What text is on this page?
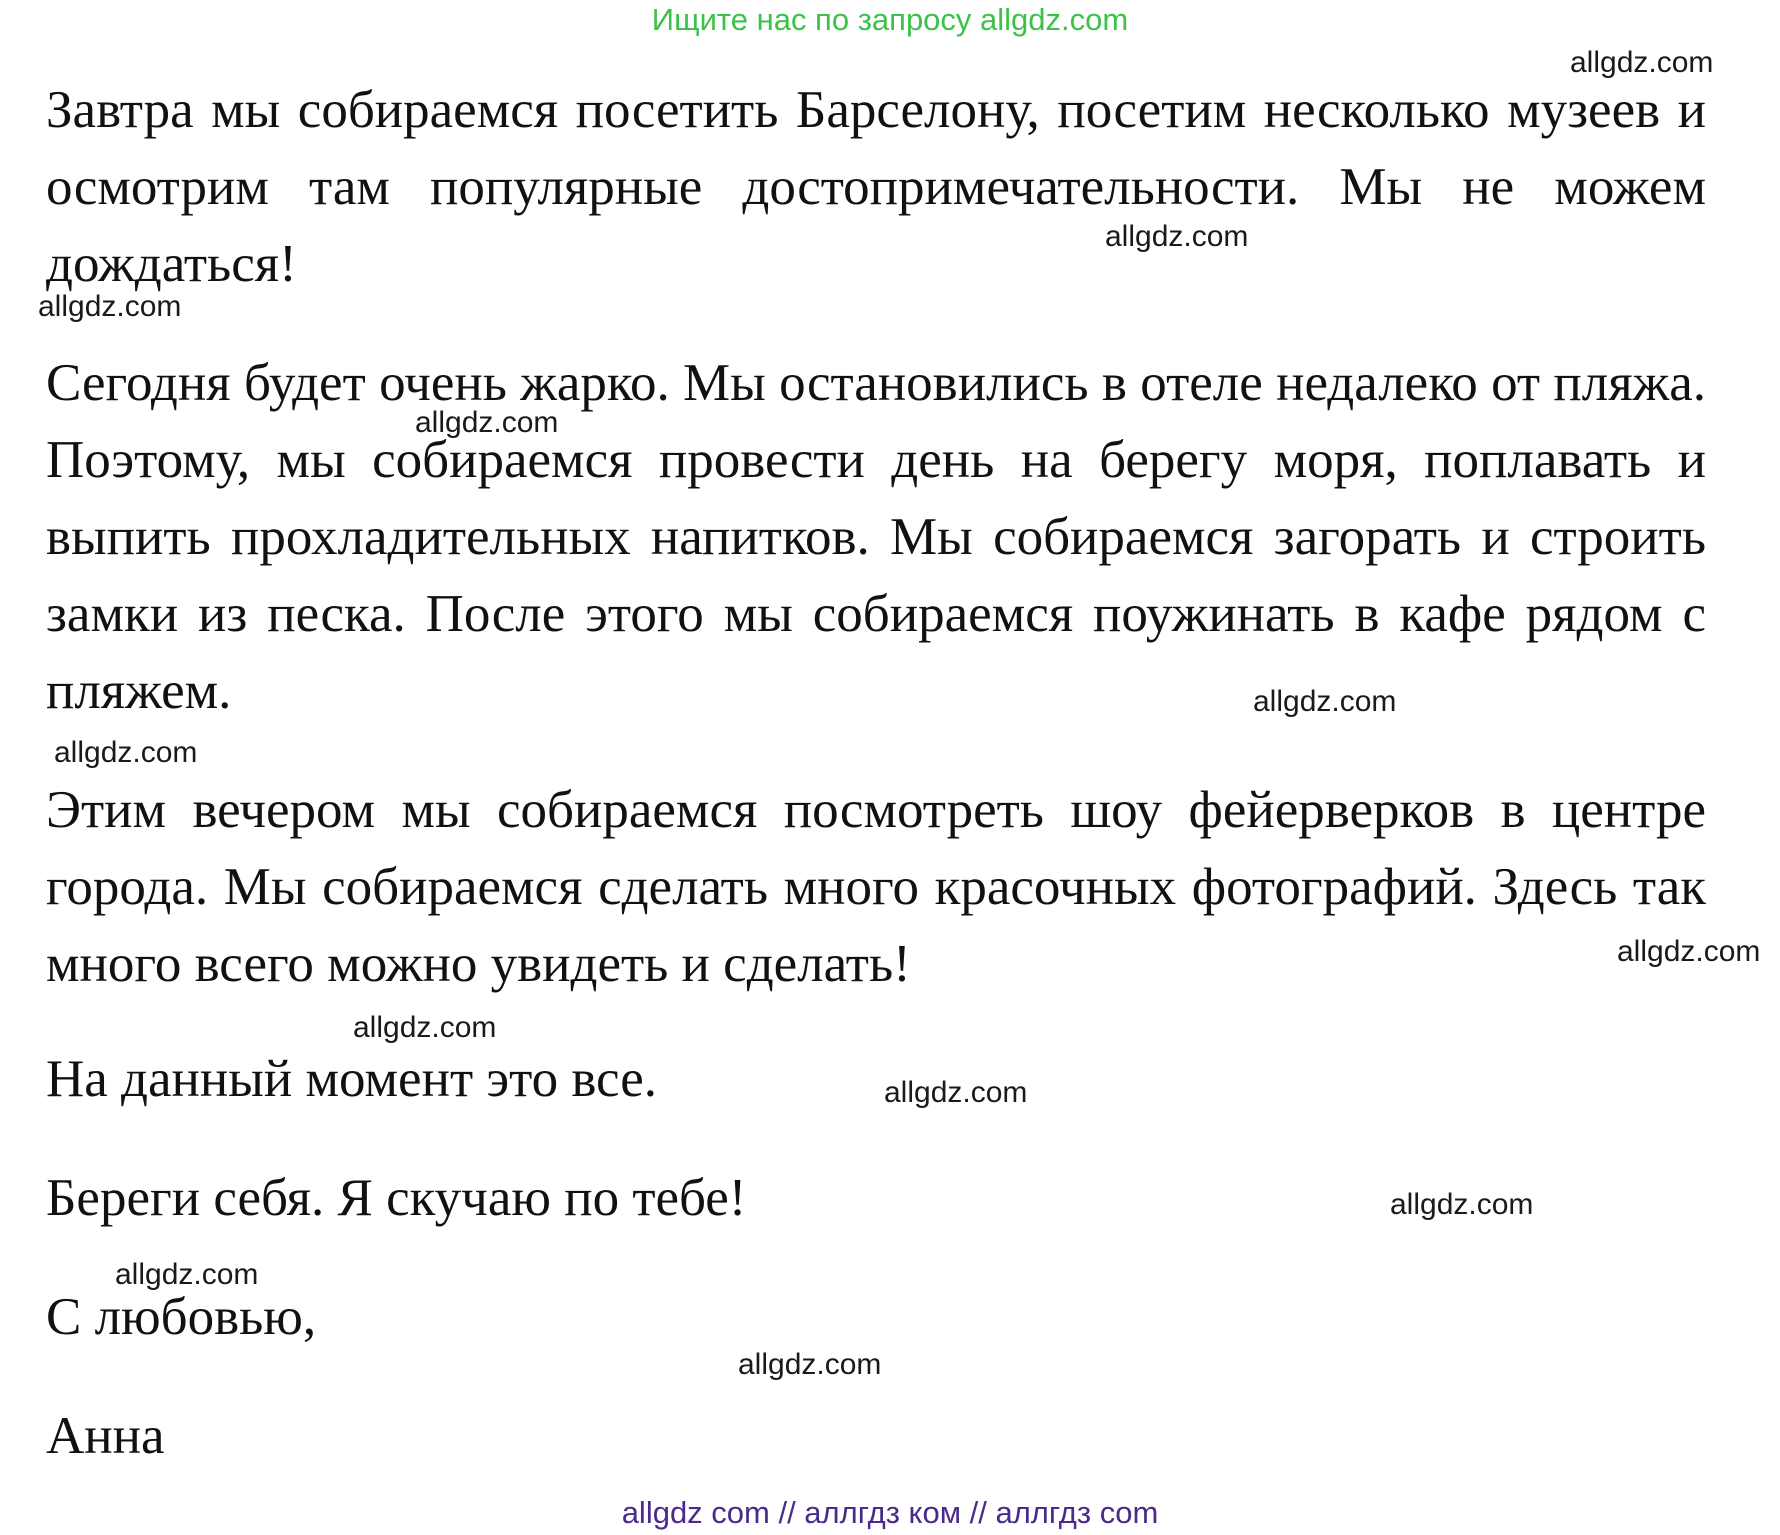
Ищите нас по запросу allgdz.com

Завтра мы собираемся посетить Барселону, посетим несколько музеев и осмотрим там популярные достопримечательности. Мы не можем дождаться!

Сегодня будет очень жарко. Мы остановились в отеле недалеко от пляжа. Поэтому, мы собираемся провести день на берегу моря, поплавать и выпить прохладительных напитков. Мы собираемся загорать и строить замки из песка. После этого мы собираемся поужинать в кафе рядом с пляжем.

Этим вечером мы собираемся посмотреть шоу фейерверков в центре города. Мы собираемся сделать много красочных фотографий. Здесь так много всего можно увидеть и сделать!

На данный момент это все.

Береги себя. Я скучаю по тебе!

С любовью,

Анна

allgdz.com
allgdz.com
allgdz.com
allgdz.com
allgdz.com
allgdz.com
allgdz.com
allgdz.com
allgdz.com
allgdz.com
allgdz.com
allgdz.com
allgdz com // аллгдз ком // аллгдз com
